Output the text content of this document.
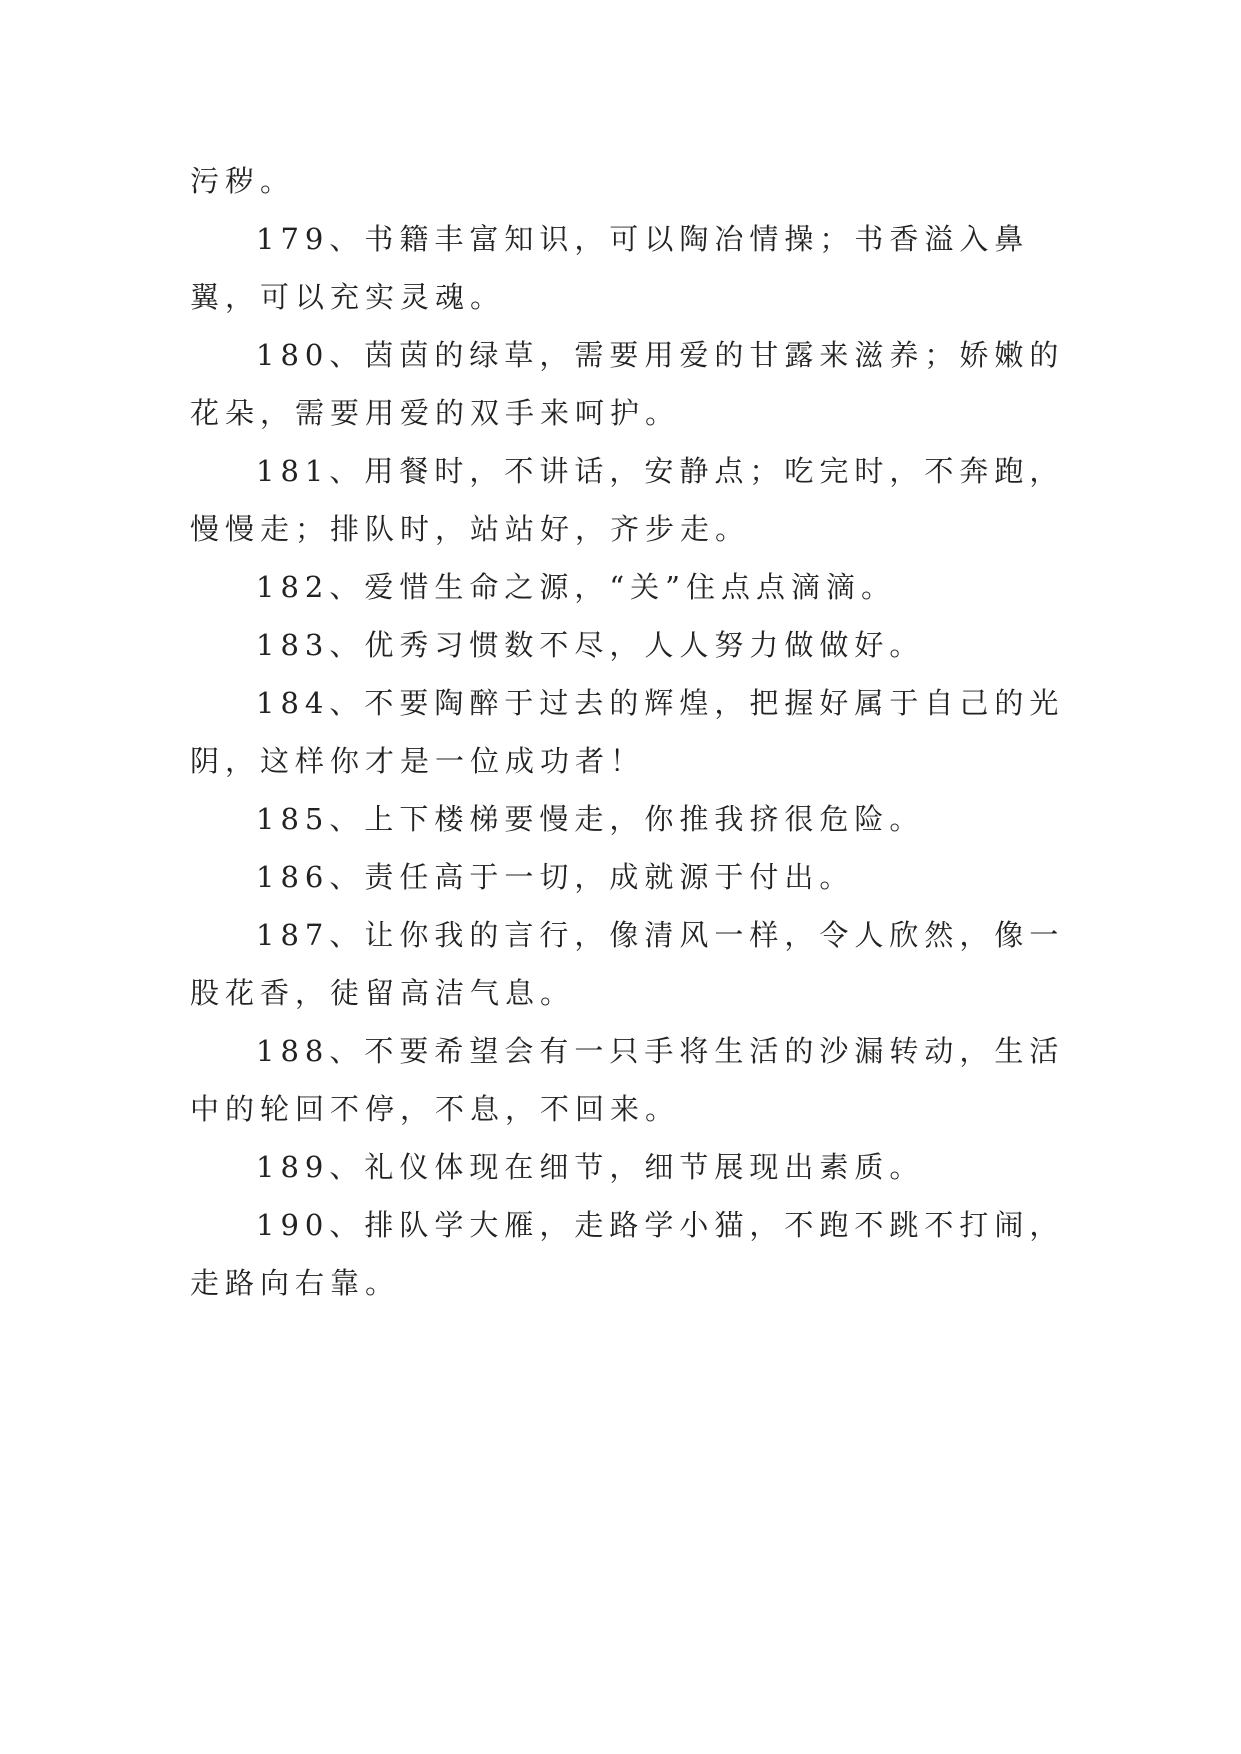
污秽。

179、书籍丰富知识，可以陶冶情操；书香溢入鼻翼，可以充实灵魂。

180、茵茵的绿草，需要用爱的甘露来滋养；娇嫩的花朵，需要用爱的双手来呵护。

181、用餐时，不讲话，安静点；吃完时，不奔跑，慢慢走；排队时，站站好，齐步走。

182、爱惜生命之源，“关”住点点滴滴。

183、优秀习惯数不尽，人人努力做做好。

184、不要陶醉于过去的辉煌，把握好属于自己的光阴，这样你才是一位成功者！

185、上下楼梯要慢走，你推我挤很危险。

186、责任高于一切，成就源于付出。

187、让你我的言行，像清风一样，令人欣然，像一股花香，徒留高洁气息。

188、不要希望会有一只手将生活的沙漏转动，生活中的轮回不停，不息，不回来。

189、礼仪体现在细节，细节展现出素质。

190、排队学大雁，走路学小猫，不跑不跳不打闹，走路向右靠。
